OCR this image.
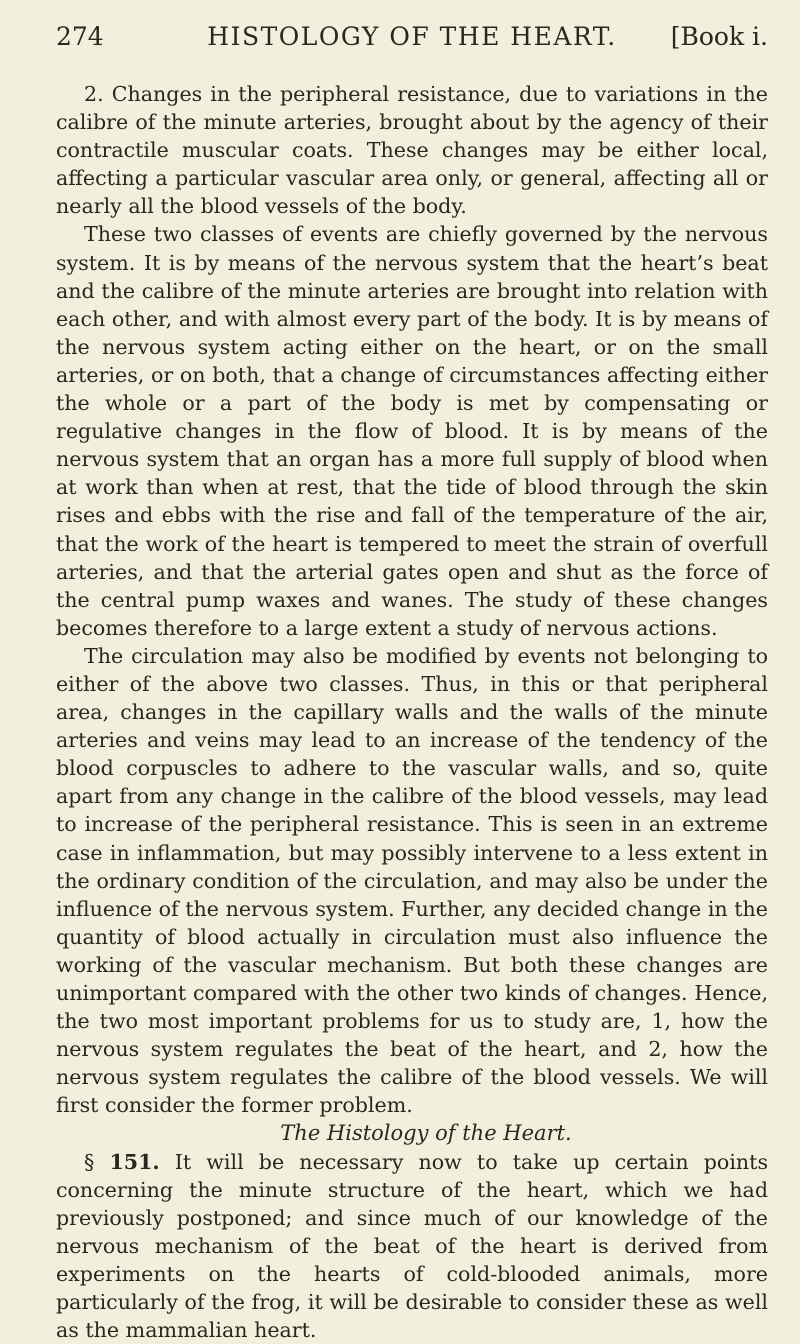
274	HISTOLOGY OF THE HEART.	[Book i.

2. Changes in the peripheral resistance, due to variations in the calibre of the minute arteries, brought about by the agency of their contractile muscular coats. These changes may be either local, affecting a particular vascular area only, or general, affecting all or nearly all the blood vessels of the body.

These two classes of events are chiefly governed by the nervous system. It is by means of the nervous system that the heart’s beat and the calibre of the minute arteries are brought into relation with each other, and with almost every part of the body. It is by means of the nervous system acting either on the heart, or on the small arteries, or on both, that a change of circumstances affecting either the whole or a part of the body is met by compensating or regulative changes in the flow of blood. It is by means of the nervous system that an organ has a more full supply of blood when at work than when at rest, that the tide of blood through the skin rises and ebbs with the rise and fall of the temperature of the air, that the work of the heart is tempered to meet the strain of overfull arteries, and that the arterial gates open and shut as the force of the central pump waxes and wanes. The study of these changes becomes therefore to a large extent a study of nervous actions.

The circulation may also be modified by events not belonging to either of the above two classes. Thus, in this or that peripheral area, changes in the capillary walls and the walls of the minute arteries and veins may lead to an increase of the tendency of the blood corpuscles to adhere to the vascular walls, and so, quite apart from any change in the calibre of the blood vessels, may lead to increase of the peripheral resistance. This is seen in an extreme case in inflammation, but may possibly intervene to a less extent in the ordinary condition of the circulation, and may also be under the influence of the nervous system. Further, any decided change in the quantity of blood actually in circulation must also influence the working of the vascular mechanism. But both these changes are unimportant compared with the other two kinds of changes. Hence, the two most important problems for us to study are, 1, how the nervous system regulates the beat of the heart, and 2, how the nervous system regulates the calibre of the blood vessels. We will first consider the former problem.

The Histology of the Heart.

§ 151. It will be necessary now to take up certain points concerning the minute structure of the heart, which we had previously postponed; and since much of our knowledge of the nervous mechanism of the beat of the heart is derived from experiments on the hearts of cold-blooded animals, more particularly of the frog, it will be desirable to consider these as well as the mammalian heart.
